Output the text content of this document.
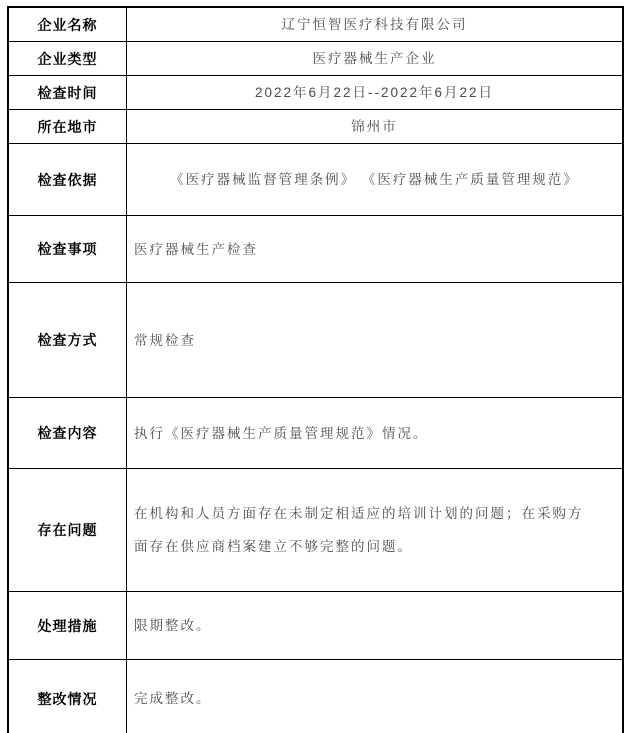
企业名称	辽宁恒智医疗科技有限公司
企业类型	医疗器械生产企业
检查时间	2022年6月22日--2022年6月22日
所在地市	锦州市
检查依据	《医疗器械监督管理条例》 《医疗器械生产质量管理规范》
检查事项	医疗器械生产检查
检查方式	常规检查
检查内容	执行《医疗器械生产质量管理规范》情况。
存在问题	在机构和人员方面存在未制定相适应的培训计划的问题；在采购方面存在供应商档案建立不够完整的问题。
处理措施	限期整改。
整改情况	完成整改。
